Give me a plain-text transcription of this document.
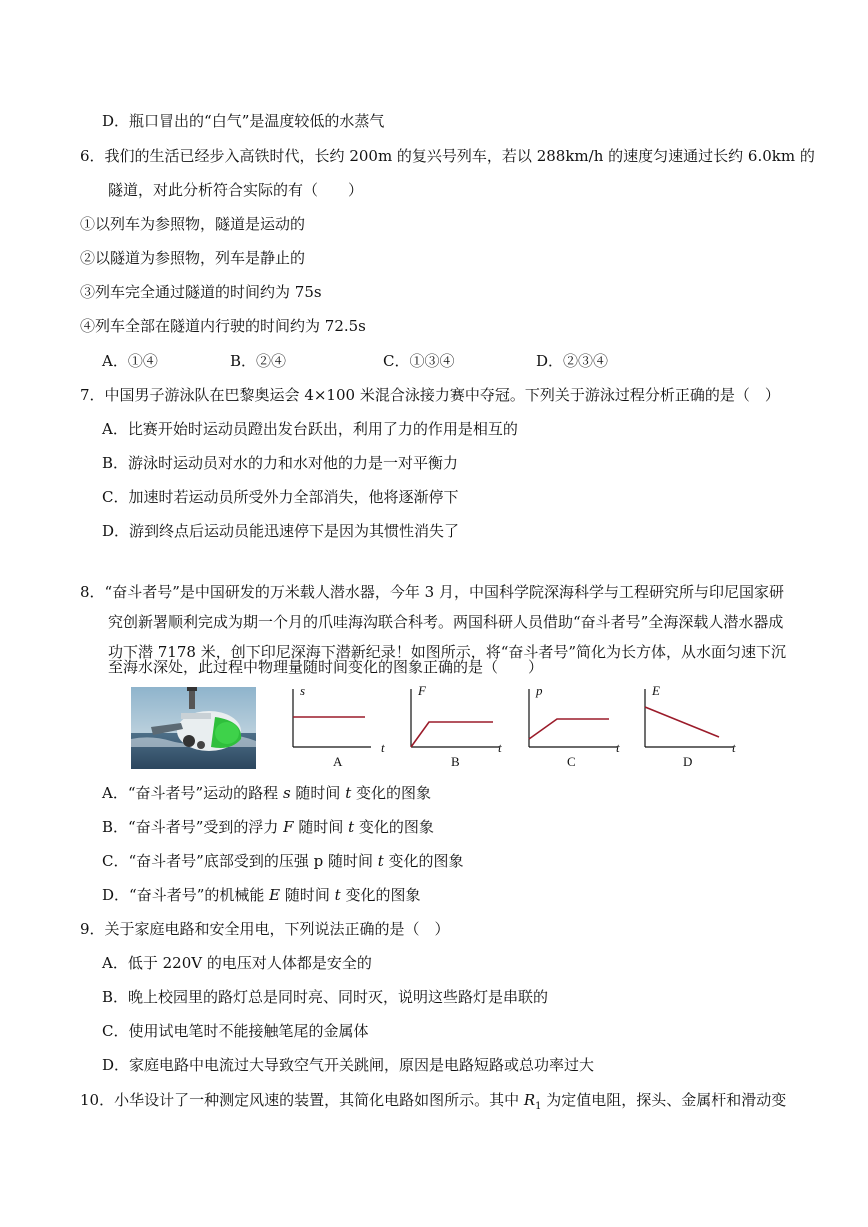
D．瓶口冒出的“白气”是温度较低的水蒸气
6．我们的生活已经步入高铁时代，长约 200m 的复兴号列车，若以 288km/h 的速度匀速通过长约 6.0km 的
隧道，对此分析符合实际的有（　　）
①以列车为参照物，隧道是运动的
②以隧道为参照物，列车是静止的
③列车完全通过隧道的时间约为 75s
④列车全部在隧道内行驶的时间约为 72.5s
A．①④	B．②④	C．①③④	D．②③④
7．中国男子游泳队在巴黎奥运会 4×100 米混合泳接力赛中夺冠。下列关于游泳过程分析正确的是（　）
A．比赛开始时运动员蹬出发台跃出，利用了力的作用是相互的
B．游泳时运动员对水的力和水对他的力是一对平衡力
C．加速时若运动员所受外力全部消失，他将逐渐停下
D．游到终点后运动员能迅速停下是因为其惯性消失了
8．“奋斗者号”是中国研发的万米载人潜水器，今年 3 月，中国科学院深海科学与工程研究所与印尼国家研
究创新署顺利完成为期一个月的爪哇海沟联合科考。两国科研人员借助“奋斗者号”全海深载人潜水器成
功下潜 7178 米，创下印尼深海下潜新纪录！如图所示，将“奋斗者号”简化为长方体，从水面匀速下沉
至海水深处，此过程中物理量随时间变化的图象正确的是（　　）
s
t
A
F
t
B
p
t
C
E
t
D
A．“奋斗者号”运动的路程 s 随时间 t 变化的图象
B．“奋斗者号”受到的浮力 F 随时间 t 变化的图象
C．“奋斗者号”底部受到的压强 p 随时间 t 变化的图象
D．“奋斗者号”的机械能 E 随时间 t 变化的图象
9．关于家庭电路和安全用电，下列说法正确的是（　）
A．低于 220V 的电压对人体都是安全的
B．晚上校园里的路灯总是同时亮、同时灭，说明这些路灯是串联的
C．使用试电笔时不能接触笔尾的金属体
D．家庭电路中电流过大导致空气开关跳闸，原因是电路短路或总功率过大
10．小华设计了一种测定风速的装置，其简化电路如图所示。其中 $R_1$ 为定值电阻，探头、金属杆和滑动变
